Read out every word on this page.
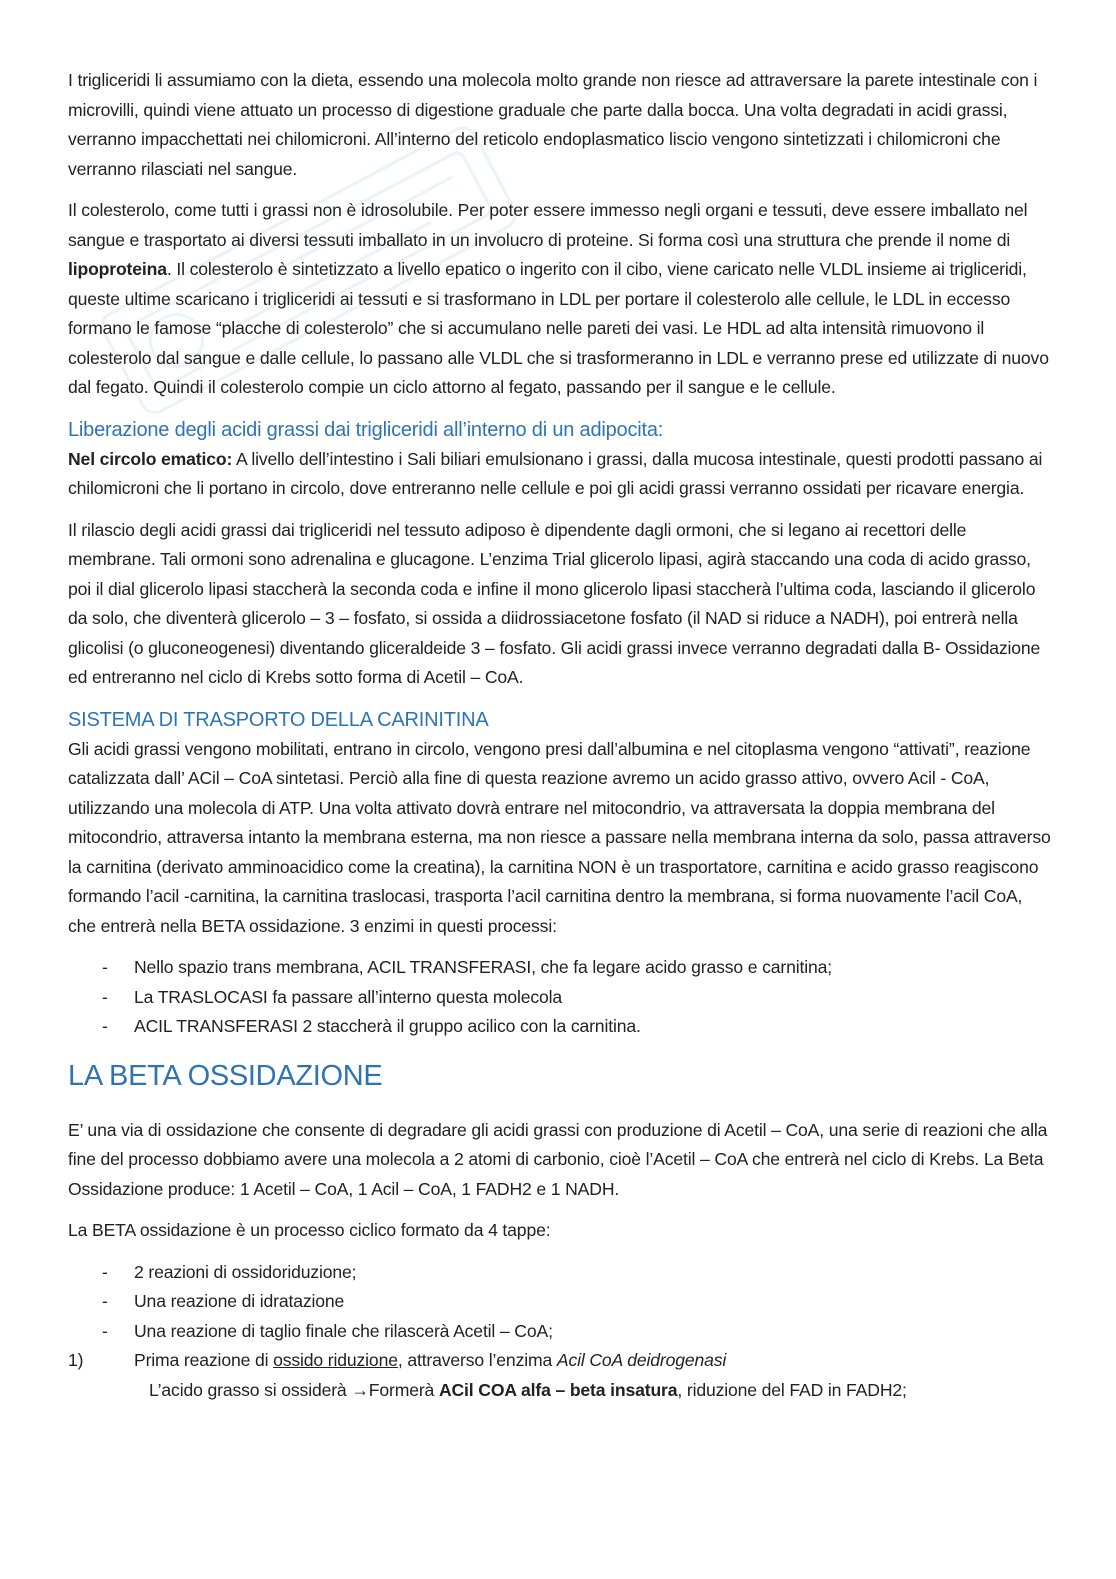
I trigliceridi li assumiamo con la dieta, essendo una molecola molto grande non riesce ad attraversare la parete intestinale con i microvilli, quindi viene attuato un processo di digestione graduale che parte dalla bocca. Una volta degradati in acidi grassi, verranno impacchettati nei chilomicroni. All’interno del reticolo endoplasmatico liscio vengono sintetizzati i chilomicroni che verranno rilasciati nel sangue.

Il colesterolo, come tutti i grassi non è idrosolubile. Per poter essere immesso negli organi e tessuti, deve essere imballato nel sangue e trasportato ai diversi tessuti imballato in un involucro di proteine. Si forma così una struttura che prende il nome di lipoproteina. Il colesterolo è sintetizzato a livello epatico o ingerito con il cibo, viene caricato nelle VLDL insieme ai trigliceridi, queste ultime scaricano i trigliceridi ai tessuti e si trasformano in LDL per portare il colesterolo alle cellule, le LDL in eccesso formano le famose “placche di colesterolo” che si accumulano nelle pareti dei vasi. Le HDL ad alta intensità rimuovono il colesterolo dal sangue e dalle cellule, lo passano alle VLDL che si trasformeranno in LDL e verranno prese ed utilizzate di nuovo dal fegato. Quindi il colesterolo compie un ciclo attorno al fegato, passando per il sangue e le cellule.

Liberazione degli acidi grassi dai trigliceridi all’interno di un adipocita:

Nel circolo ematico: A livello dell’intestino i Sali biliari emulsionano i grassi, dalla mucosa intestinale, questi prodotti passano ai chilomicroni che li portano in circolo, dove entreranno nelle cellule e poi gli acidi grassi verranno ossidati per ricavare energia.

Il rilascio degli acidi grassi dai trigliceridi nel tessuto adiposo è dipendente dagli ormoni, che si legano ai recettori delle membrane. Tali ormoni sono adrenalina e glucagone. L’enzima Trial glicerolo lipasi, agirà staccando una coda di acido grasso, poi il dial glicerolo lipasi staccherà la seconda coda e infine il mono glicerolo lipasi staccherà l’ultima coda, lasciando il glicerolo da solo, che diventerà glicerolo – 3 – fosfato, si ossida a diidrossiacetone fosfato (il NAD si riduce a NADH), poi entrerà nella glicolisi (o gluconeogenesi) diventando gliceraldeide 3 – fosfato. Gli acidi grassi invece verranno degradati dalla B- Ossidazione ed entreranno nel ciclo di Krebs sotto forma di Acetil – CoA.

SISTEMA DI TRASPORTO DELLA CARINITINA

Gli acidi grassi vengono mobilitati, entrano in circolo, vengono presi dall’albumina e nel citoplasma vengono “attivati”, reazione catalizzata dall’ ACil – CoA sintetasi. Perciò alla fine di questa reazione avremo un acido grasso attivo, ovvero Acil - CoA, utilizzando una molecola di ATP. Una volta attivato dovrà entrare nel mitocondrio, va attraversata la doppia membrana del mitocondrio, attraversa intanto la membrana esterna, ma non riesce a passare nella membrana interna da solo, passa attraverso la carnitina (derivato amminoacidico come la creatina), la carnitina NON è un trasportatore, carnitina e acido grasso reagiscono formando l’acil -carnitina, la carnitina traslocasi, trasporta l’acil carnitina dentro la membrana, si forma nuovamente l’acil CoA, che entrerà nella BETA ossidazione. 3 enzimi in questi processi:

- Nello spazio trans membrana, ACIL TRANSFERASI, che fa legare acido grasso e carnitina;
- La TRASLOCASI fa passare all’interno questa molecola
- ACIL TRANSFERASI 2 staccherà il gruppo acilico con la carnitina.
LA BETA OSSIDAZIONE

E’ una via di ossidazione che consente di degradare gli acidi grassi con produzione di Acetil – CoA, una serie di reazioni che alla fine del processo dobbiamo avere una molecola a 2 atomi di carbonio, cioè l’Acetil – CoA che entrerà nel ciclo di Krebs. La Beta Ossidazione produce: 1 Acetil – CoA, 1 Acil – CoA, 1 FADH2 e 1 NADH.

La BETA ossidazione è un processo ciclico formato da 4 tappe:

- 2 reazioni di ossidoriduzione;
- Una reazione di idratazione
- Una reazione di taglio finale che rilascerà Acetil – CoA;
1)	Prima reazione di ossido riduzione, attraverso l’enzima Acil CoA deidrogenasi
L’acido grasso si ossiderà →Formerà ACil COA alfa – beta insatura, riduzione del FAD in FADH2;
